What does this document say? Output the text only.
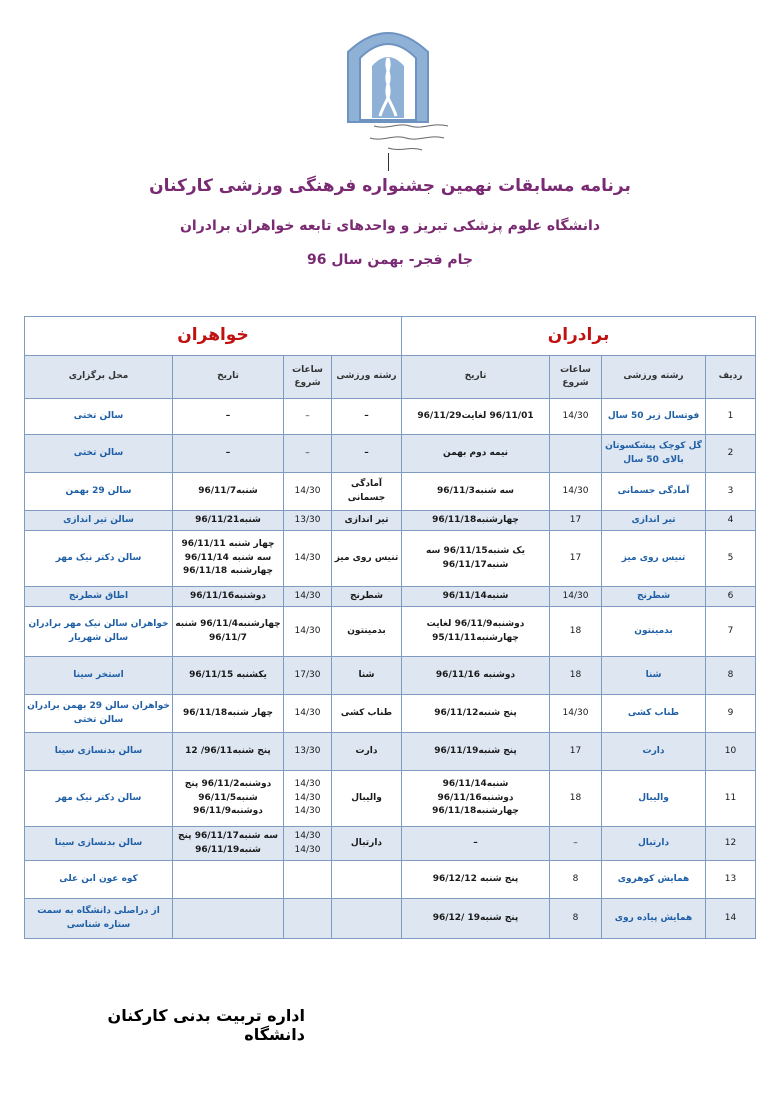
برنامه مسابقات نهمین جشنواره فرهنگی ورزشی کارکنان
دانشگاه علوم پزشکی تبریز و واحدهای تابعه خواهران برادران
جام فجر- بهمن سال 96
برادران				خواهران			
ردیف	رشته ورزشی	ساعات شروع	تاریخ	رشته ورزشی	ساعات شروع	تاریخ	محل برگزاری
1	فوتسال زیر 50 سال	14/30	96/11/01 لغایت96/11/29	–	–	–	سالن تختی
2	گل کوچک پیشکسوتان بالای 50 سال		نیمه دوم بهمن	–	–	–	سالن تختی
3	آمادگی جسمانی	14/30	سه شنبه96/11/3	آمادگی جسمانی	14/30	شنبه96/11/7	سالن 29 بهمن
4	تیر اندازی	17	چهارشنبه96/11/18	تیر اندازی	13/30	شنبه96/11/21	سالن تیر اندازی
5	تنیس روی میز	17	یک شنبه96/11/15 سه شنبه96/11/17	تنیس روی میز	14/30	چهار شنبه 96/11/11 سه شنبه 96/11/14 چهارشنبه 96/11/18	سالن دکتر نیک مهر
6	شطرنج	14/30	شنبه96/11/14	شطرنج	14/30	دوشنبه96/11/16	اطاق شطرنج
7	بدمینتون	18	دوشنبه96/11/9 لغایت چهارشنبه95/11/11	بدمینتون	14/30	چهارشنبه96/11/4 شنبه 96/11/7	خواهران سالن نیک مهر برادران سالن شهریار
8	شنا	18	دوشنبه 96/11/16	شنا	17/30	یکشنبه 96/11/15	استخر سینا
9	طناب کشی	14/30	پنج شنبه96/11/12	طناب کشی	14/30	چهار شنبه96/11/18	خواهران سالن 29 بهمن برادران سالن تختی
10	دارت	17	پنج شنبه96/11/19	دارت	13/30	پنج شنبه96/11/ 12	سالن بدنسازی سینا
11	والیبال	18	شنبه96/11/14 دوشنبه96/11/16 چهارشنبه96/11/18	والیبال	14/30 14/30 14/30	دوشنبه96/11/2 پنج شنبه96/11/5 دوشنبه96/11/9	سالن دکتر نیک مهر
12	دارتبال	–	–	دارتبال	14/30 14/30	سه شنبه96/11/17 پنج شنبه96/11/19	سالن بدنسازی سینا
13	همایش کوهروی	8	پنج شنبه 96/12/12				کوه عون ابن علی
14	همایش پیاده روی	8	پنج شنبه19 /96/12				از دراصلی دانشگاه به سمت ستاره شناسی
اداره تربیت بدنی کارکنان دانشگاه
